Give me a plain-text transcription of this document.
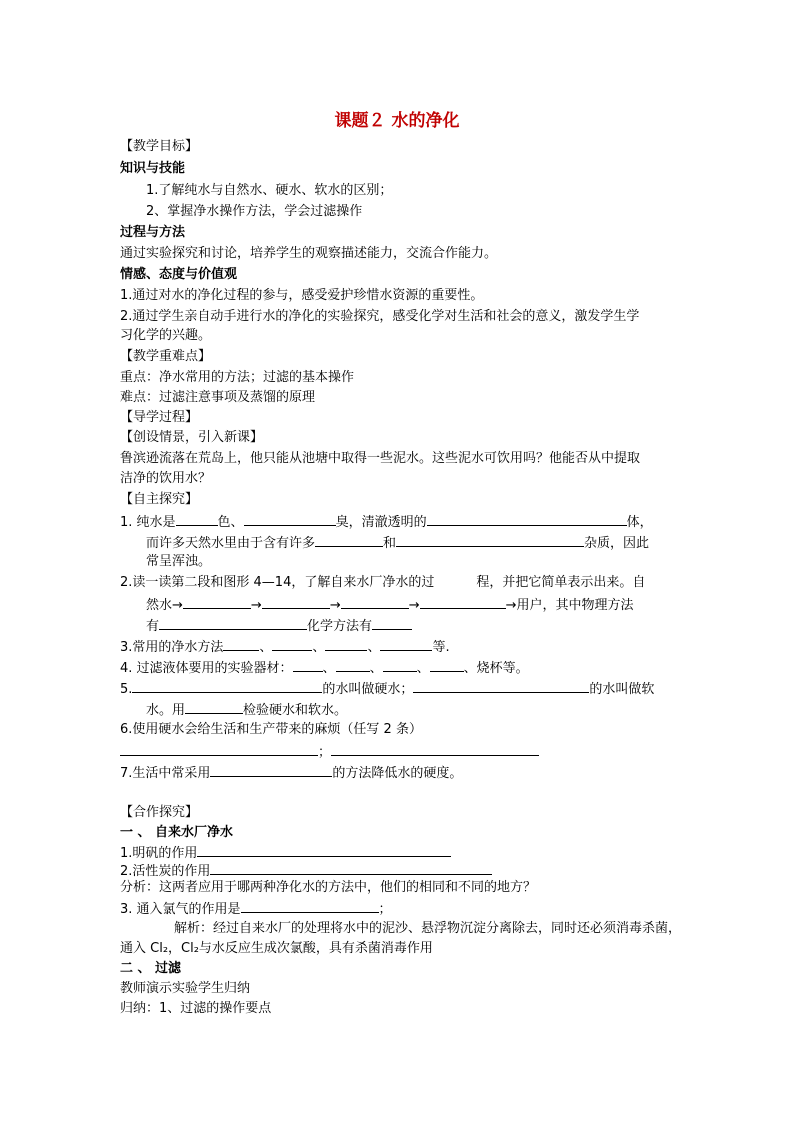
课题２ 水的净化
【教学目标】
知识与技能
1.了解纯水与自然水、硬水、软水的区别；
2、掌握净水操作方法，学会过滤操作
过程与方法
通过实验探究和讨论，培养学生的观察描述能力，交流合作能力。
情感、态度与价值观
1.通过对水的净化过程的参与，感受爱护珍惜水资源的重要性。
2.通过学生亲自动手进行水的净化的实验探究，感受化学对生活和社会的意义，激发学生学
习化学的兴趣。
【教学重难点】
重点：净水常用的方法；过滤的基本操作
难点：过滤注意事项及蒸馏的原理
【导学过程】
【创设情景，引入新课】
鲁滨逊流落在荒岛上，他只能从池塘中取得一些泥水。这些泥水可饮用吗？他能否从中提取
洁净的饮用水？
【自主探究】
1. 纯水是	色、	臭，清澈透明的	体，
而许多天然水里由于含有许多	和	杂质，因此
常呈浑浊。
2.读一读第二段和图形 4—14，了解自来水厂净水的过	程，并把它简单表示出来。自
然水→	→	→	→	→用户，其中物理方法
有	化学方法有
3.常用的净水方法	、	、	、	等.
4. 过滤液体要用的实验器材： 、	、	、	、烧杯等。
5.	的水叫做硬水；	的水叫做软
水。用	检验硬水和软水。
6.使用硬水会给生活和生产带来的麻烦（任写 2 条）
；
7.生活中常采用	的方法降低水的硬度。
【合作探究】
一 、 自来水厂净水
1.明矾的作用
2.活性炭的作用
分析：这两者应用于哪两种净化水的方法中，他们的相同和不同的地方？
3. 通入氯气的作用是	；
解析：经过自来水厂的处理将水中的泥沙、悬浮物沉淀分离除去，同时还必须消毒杀菌，
通入 Cl₂，Cl₂与水反应生成次氯酸，具有杀菌消毒作用
二 、 过滤
教师演示实验学生归纳
归纳：1、过滤的操作要点
